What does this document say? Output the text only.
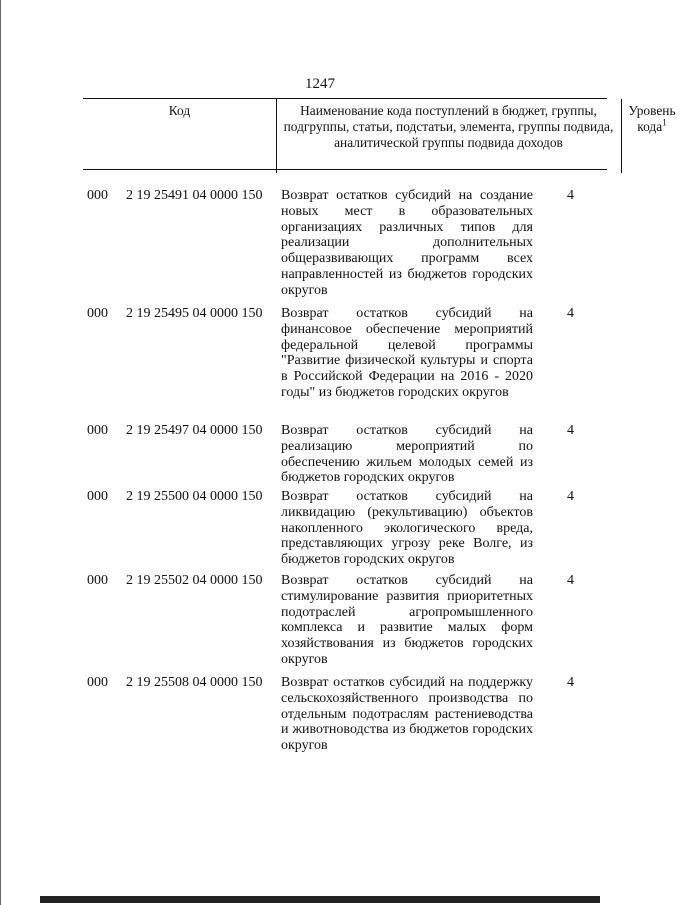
1247
Код	Наименование кода поступлений в бюджет, группы, подгруппы, статьи, подстатьи, элемента, группы подвида, аналитической группы подвида доходов
Уровень кода$^1$
000 2 19 25491 04 0000 150 Возврат остатков субсидий на создание новых мест в образовательных организациях различных типов для реализации дополнительных общеразвивающих программ всех направленностей из бюджетов городских округов
4
000 2 19 25495 04 0000 150 Возврат остатков субсидий на финансовое обеспечение мероприятий федеральной целевой программы "Развитие физической культуры и спорта в Российской Федерации на 2016 - 2020 годы" из бюджетов городских округов
4
000 2 19 25497 04 0000 150 Возврат остатков субсидий на реализацию мероприятий по обеспечению жильем молодых семей из бюджетов городских округов
4
000 2 19 25500 04 0000 150 Возврат остатков субсидий на ликвидацию (рекультивацию) объектов накопленного экологического вреда, представляющих угрозу реке Волге, из бюджетов городских округов
4
000 2 19 25502 04 0000 150 Возврат остатков субсидий на стимулирование развития приоритетных подотраслей агропромышленного комплекса и развитие малых форм хозяйствования из бюджетов городских округов
4
000 2 19 25508 04 0000 150 Возврат остатков субсидий на поддержку сельскохозяйственного производства по отдельным подотраслям растениеводства и животноводства из бюджетов городских округов
4
